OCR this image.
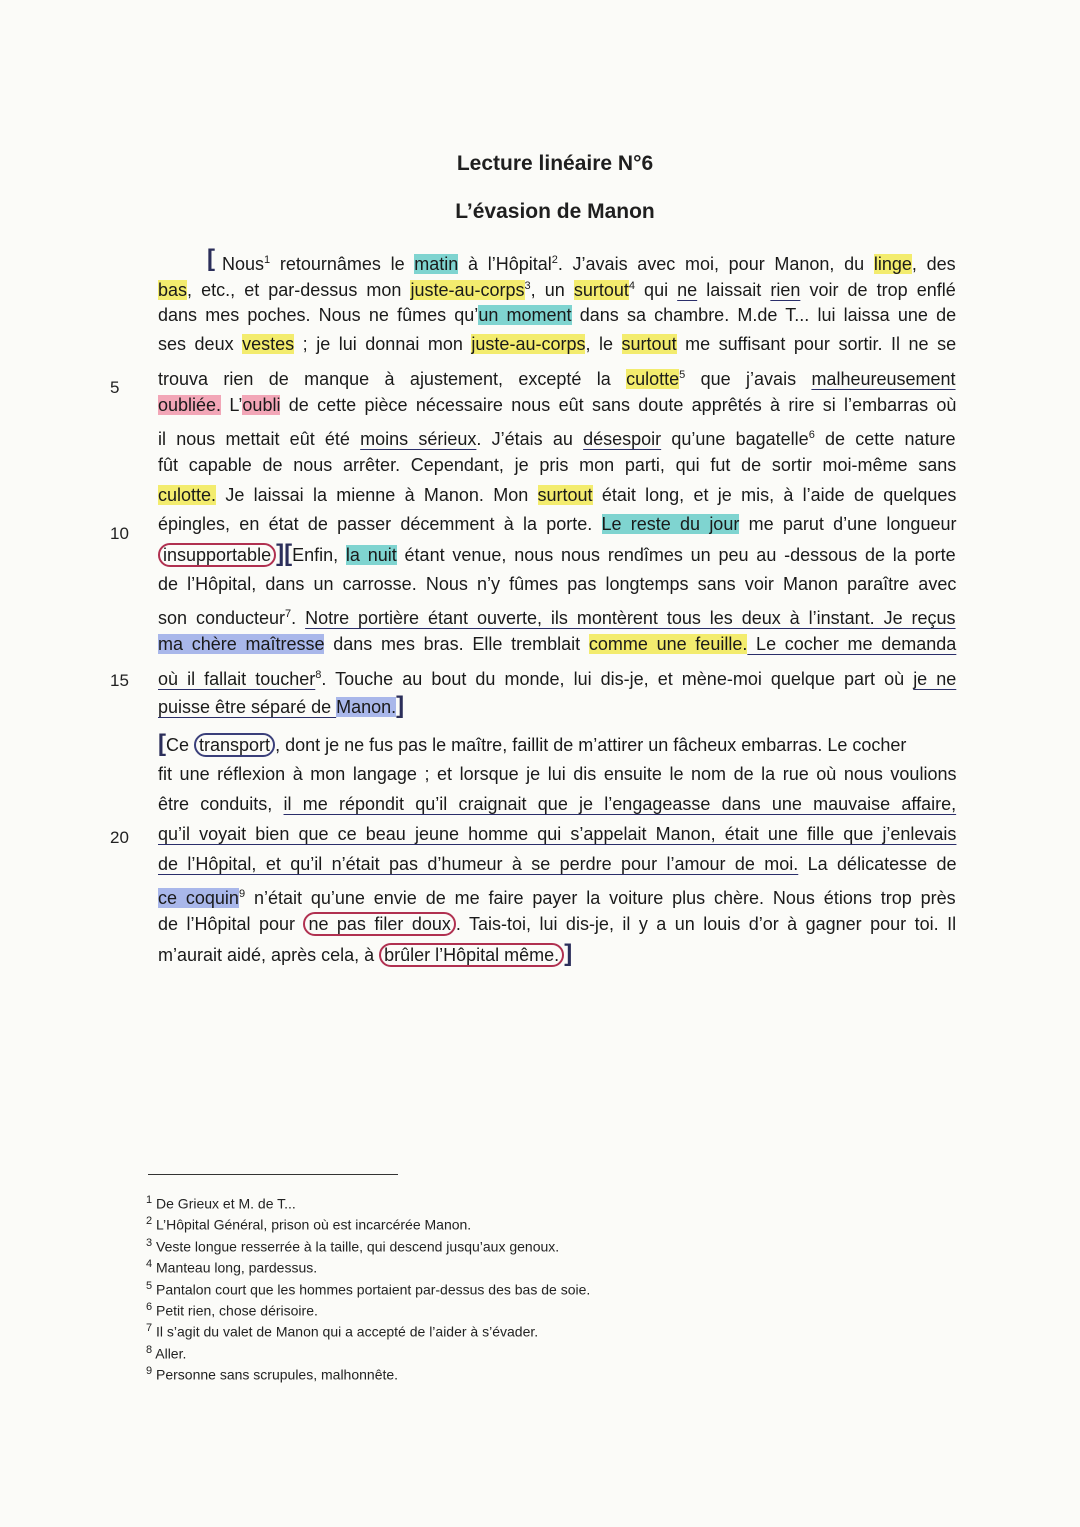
Lecture linéaire N°6
L’évasion de Manon
[
5
10
15
20
Nous$^1$ retournâmes le matin à l’Hôpital$^2$. J’avais avec moi, pour Manon, du linge, des
bas, etc., et par-dessus mon juste-au-corps$^3$, un surtout$^4$ qui ne laissait rien voir de trop enflé
dans mes poches. Nous ne fûmes qu’un moment dans sa chambre. M.de T... lui laissa une de
ses deux vestes ; je lui donnai mon juste-au-corps, le surtout me suffisant pour sortir. Il ne se
trouva rien de manque à ajustement, excepté la culotte$^5$ que j’avais malheureusement
oubliée. L’oubli de cette pièce nécessaire nous eût sans doute apprêtés à rire si l’embarras où
il nous mettait eût été moins sérieux. J’étais au désespoir qu’une bagatelle$^6$ de cette nature
fût capable de nous arrêter. Cependant, je pris mon parti, qui fut de sortir moi-même sans
culotte. Je laissai la mienne à Manon. Mon surtout était long, et je mis, à l’aide de quelques
épingles, en état de passer décemment à la porte. Le reste du jour me parut d’une longueur
insupportable ][Enfin, la nuit étant venue, nous nous rendîmes un peu au -dessous de la porte
de l’Hôpital, dans un carrosse. Nous n’y fûmes pas longtemps sans voir Manon paraître avec
son conducteur$^7$. Notre portière étant ouverte, ils montèrent tous les deux à l’instant. Je reçus
ma chère maîtresse dans mes bras. Elle tremblait comme une feuille. Le cocher me demanda
où il fallait toucher$^8$. Touche au bout du monde, lui dis-je, et mène-moi quelque part où je ne
puisse être séparé de Manon.]
[Ce transport , dont je ne fus pas le maître, faillit de m’attirer un fâcheux embarras. Le cocher
fit une réflexion à mon langage ; et lorsque je lui dis ensuite le nom de la rue où nous voulions
être conduits, il me répondit qu’il craignait que je l’engageasse dans une mauvaise affaire,
qu’il voyait bien que ce beau jeune homme qui s’appelait Manon, était une fille que j’enlevais
de l’Hôpital, et qu’il n’était pas d’humeur à se perdre pour l’amour de moi. La délicatesse de
ce coquin$^9$ n’était qu’une envie de me faire payer la voiture plus chère. Nous étions trop près
de l’Hôpital pour ne pas filer doux . Tais-toi, lui dis-je, il y a un louis d’or à gagner pour toi. Il
m’aurait aidé, après cela, à brûler l’Hôpital même. ]
$^1$ De Grieux et M. de T...
$^2$ L’Hôpital Général, prison où est incarcérée Manon.
$^3$ Veste longue resserrée à la taille, qui descend jusqu’aux genoux.
$^4$ Manteau long, pardessus.
$^5$ Pantalon court que les hommes portaient par-dessus des bas de soie.
$^6$ Petit rien, chose dérisoire.
$^7$ Il s’agit du valet de Manon qui a accepté de l’aider à s’évader.
$^8$ Aller.
$^9$ Personne sans scrupules, malhonnête.
